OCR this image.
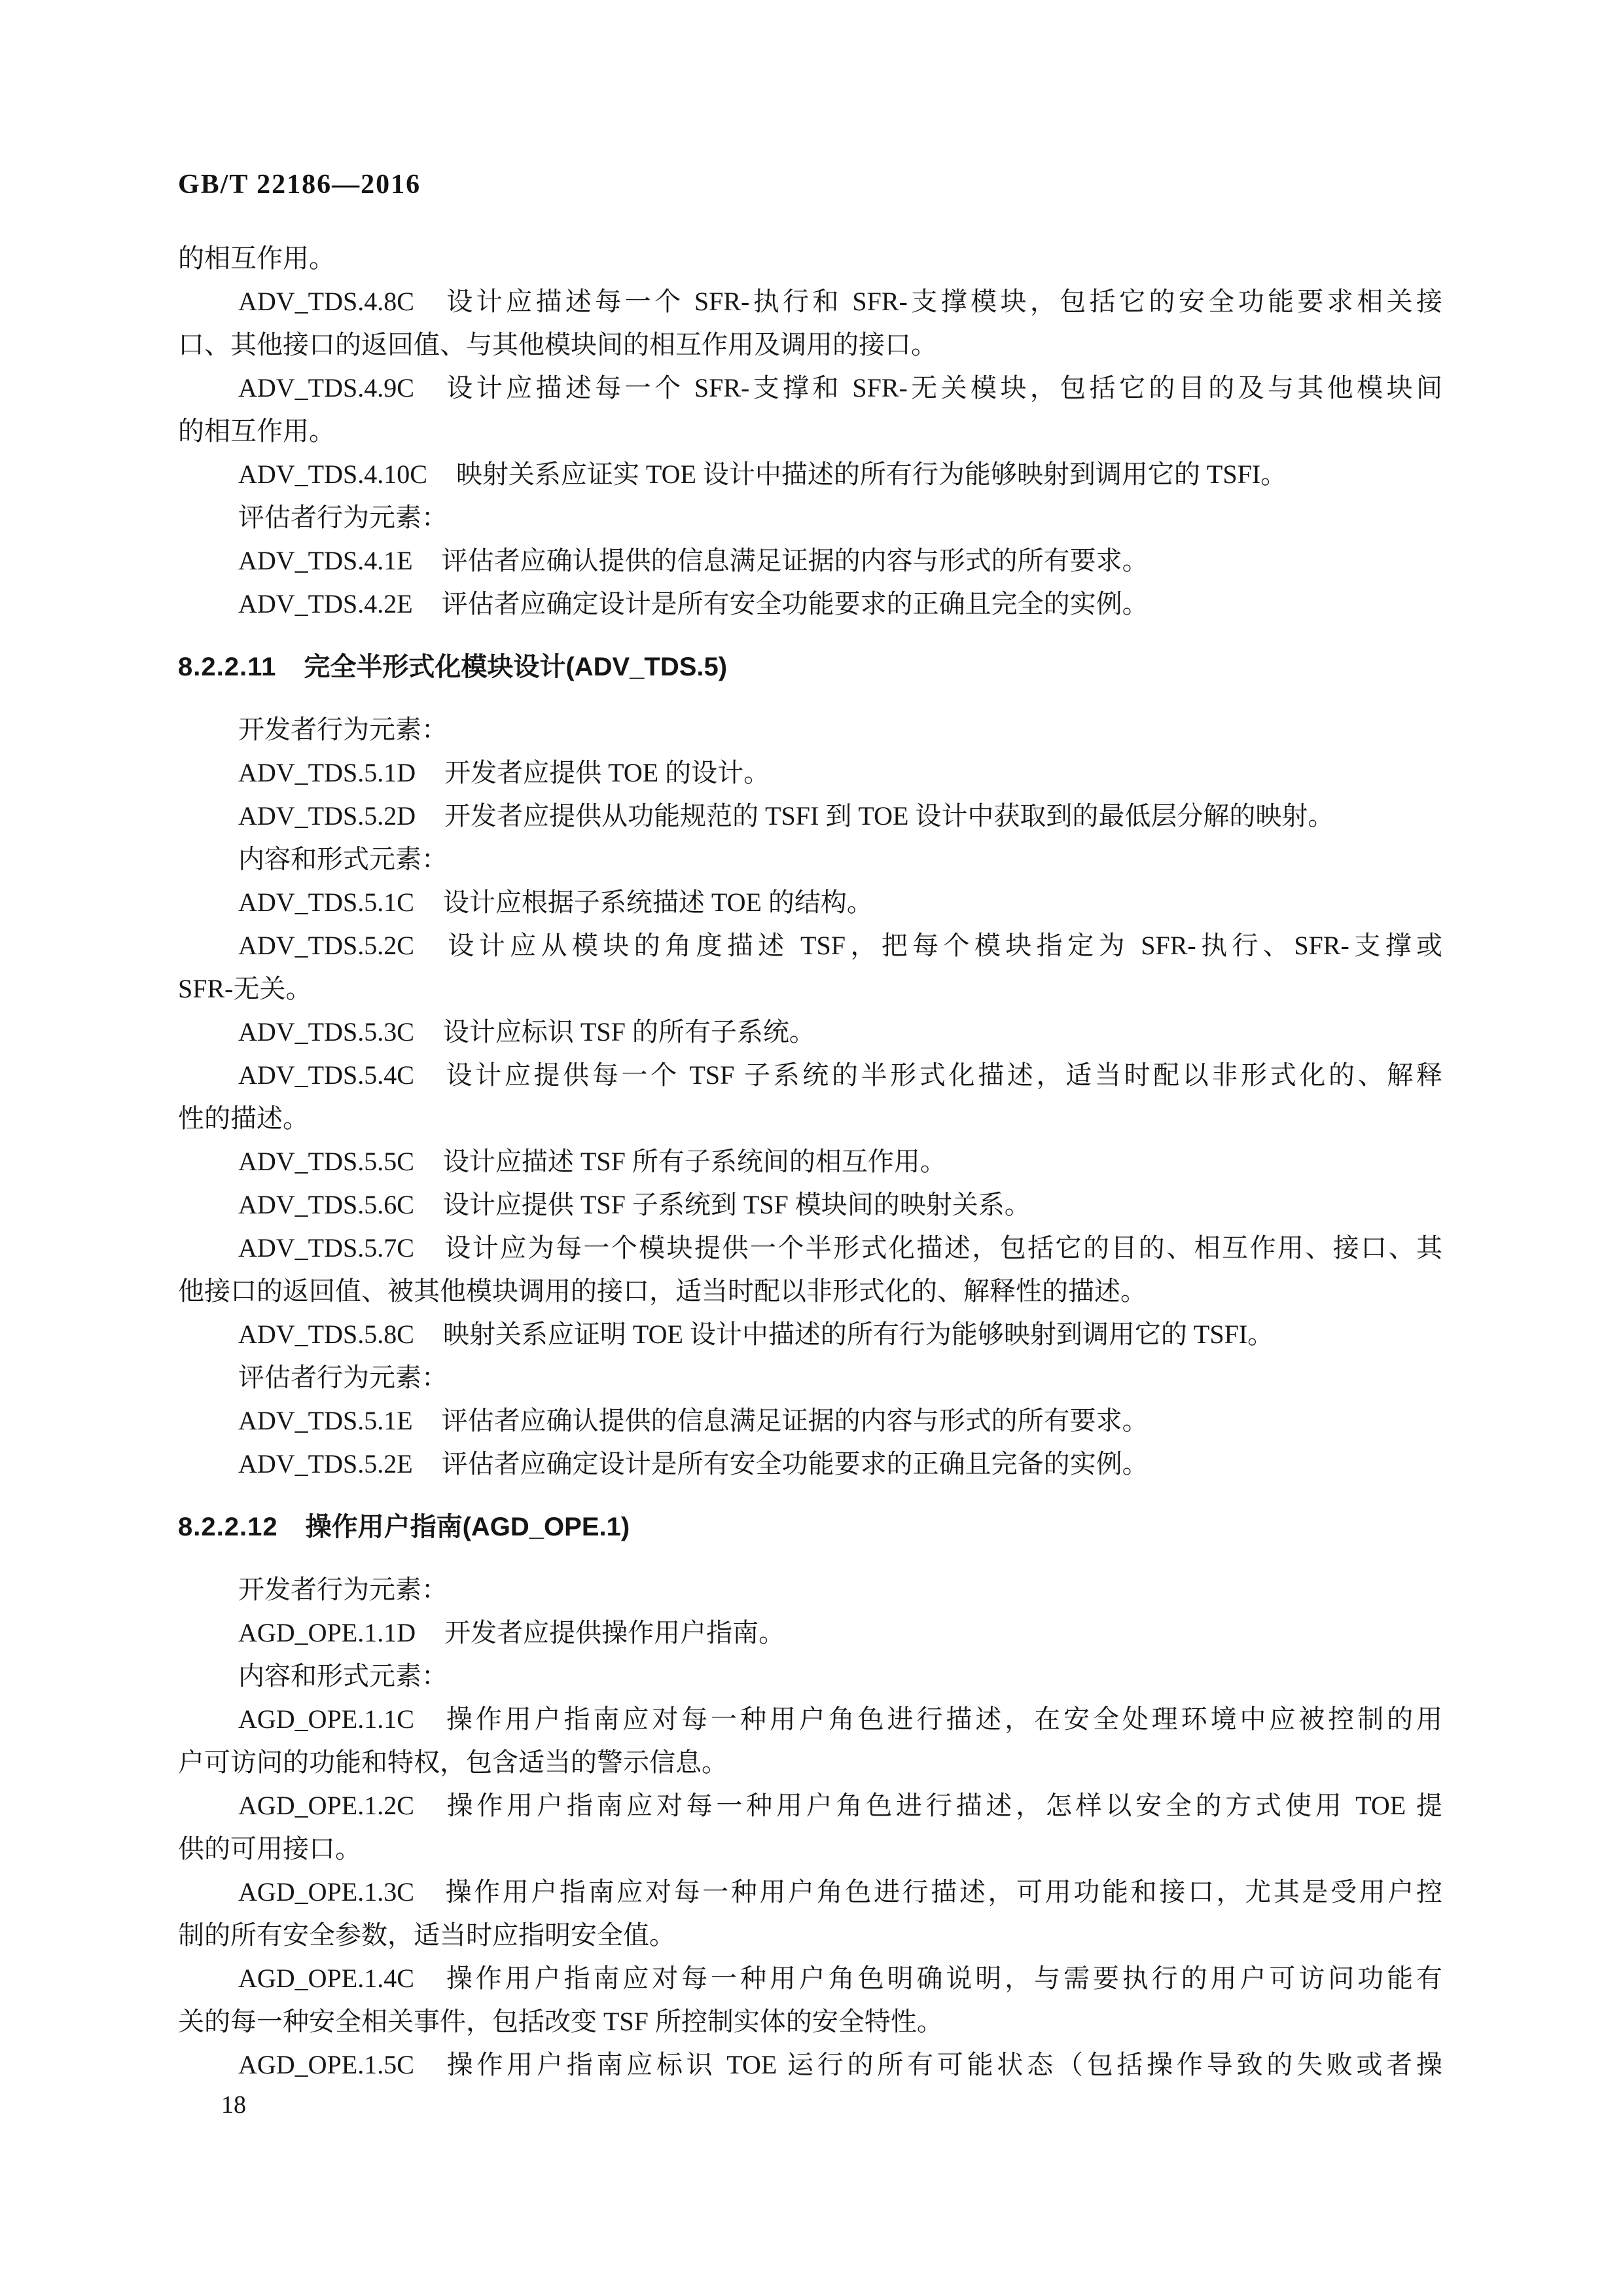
GB/T 22186—2016
的相互作用。
ADV_TDS.4.8C 设计应描述每一个 SFR-执行和 SFR-支撑模块，包括它的安全功能要求相关接
口、其他接口的返回值、与其他模块间的相互作用及调用的接口。
ADV_TDS.4.9C 设计应描述每一个 SFR-支撑和 SFR-无关模块，包括它的目的及与其他模块间
的相互作用。
ADV_TDS.4.10C 映射关系应证实 TOE 设计中描述的所有行为能够映射到调用它的 TSFI。
评估者行为元素：
ADV_TDS.4.1E 评估者应确认提供的信息满足证据的内容与形式的所有要求。
ADV_TDS.4.2E 评估者应确定设计是所有安全功能要求的正确且完全的实例。
8.2.2.11 完全半形式化模块设计(ADV_TDS.5)
开发者行为元素：
ADV_TDS.5.1D 开发者应提供 TOE 的设计。
ADV_TDS.5.2D 开发者应提供从功能规范的 TSFI 到 TOE 设计中获取到的最低层分解的映射。
内容和形式元素：
ADV_TDS.5.1C 设计应根据子系统描述 TOE 的结构。
ADV_TDS.5.2C 设计应从模块的角度描述 TSF，把每个模块指定为 SFR-执行、SFR-支撑或
SFR-无关。
ADV_TDS.5.3C 设计应标识 TSF 的所有子系统。
ADV_TDS.5.4C 设计应提供每一个 TSF 子系统的半形式化描述，适当时配以非形式化的、解释
性的描述。
ADV_TDS.5.5C 设计应描述 TSF 所有子系统间的相互作用。
ADV_TDS.5.6C 设计应提供 TSF 子系统到 TSF 模块间的映射关系。
ADV_TDS.5.7C 设计应为每一个模块提供一个半形式化描述，包括它的目的、相互作用、接口、其
他接口的返回值、被其他模块调用的接口，适当时配以非形式化的、解释性的描述。
ADV_TDS.5.8C 映射关系应证明 TOE 设计中描述的所有行为能够映射到调用它的 TSFI。
评估者行为元素：
ADV_TDS.5.1E 评估者应确认提供的信息满足证据的内容与形式的所有要求。
ADV_TDS.5.2E 评估者应确定设计是所有安全功能要求的正确且完备的实例。
8.2.2.12 操作用户指南(AGD_OPE.1)
开发者行为元素：
AGD_OPE.1.1D 开发者应提供操作用户指南。
内容和形式元素：
AGD_OPE.1.1C 操作用户指南应对每一种用户角色进行描述，在安全处理环境中应被控制的用
户可访问的功能和特权，包含适当的警示信息。
AGD_OPE.1.2C 操作用户指南应对每一种用户角色进行描述，怎样以安全的方式使用 TOE 提
供的可用接口。
AGD_OPE.1.3C 操作用户指南应对每一种用户角色进行描述，可用功能和接口，尤其是受用户控
制的所有安全参数，适当时应指明安全值。
AGD_OPE.1.4C 操作用户指南应对每一种用户角色明确说明，与需要执行的用户可访问功能有
关的每一种安全相关事件，包括改变 TSF 所控制实体的安全特性。
AGD_OPE.1.5C 操作用户指南应标识 TOE 运行的所有可能状态（包括操作导致的失败或者操
18
